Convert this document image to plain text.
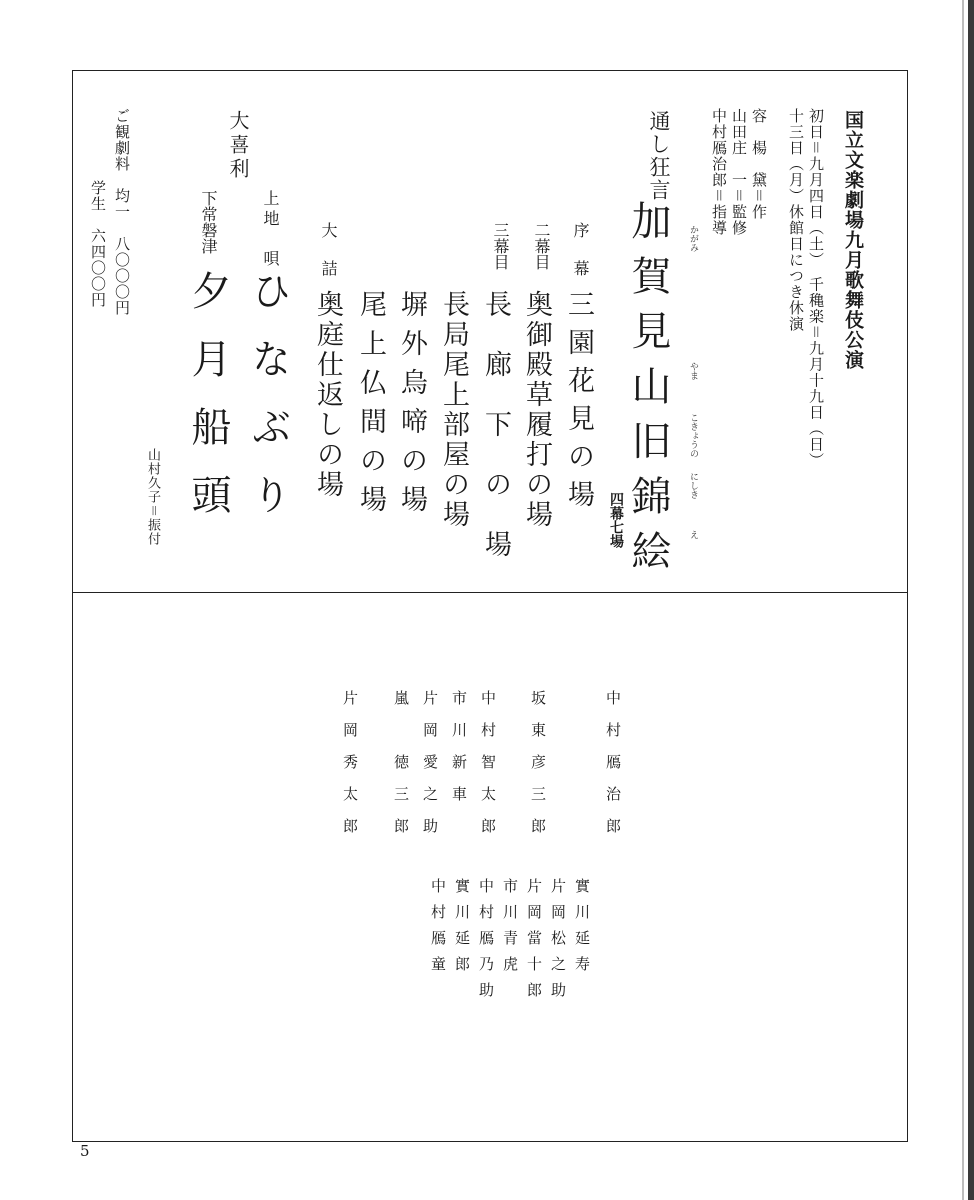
国立文楽劇場九月歌舞伎公演
初日＝九月四日（土）　千穐楽＝九月十九日（日）
十三日（月）休館日につき休演
容　楊　黛＝作
山田庄　一＝監修
中村鴈治郎＝指導
通し狂言
加賀見山旧錦絵 かがみ
やま
こきょうの
にしき
え
四幕七場
序　幕
三園花見の場
二幕目
奥御殿草履打の場
三幕目
長　廊　下　の　場
長局尾上部屋の場
塀外烏啼の場
尾上仏間の場
大　詰
奥庭仕返しの場
大喜利
上地　唄
下常磐津
ひなぶり
夕月船頭
山村久子＝振付
ご観劇料　均一　八〇〇〇円
学生　六四〇〇円
中村鴈治郎
坂東彦三郎
中村智太郎
市川新車
片岡愛之助
嵐　徳三郎
片岡秀太郎
實川延寿
片岡松之助
片岡當十郎
市川青虎
中村鴈乃助
實川延郎
中村鴈童
5
